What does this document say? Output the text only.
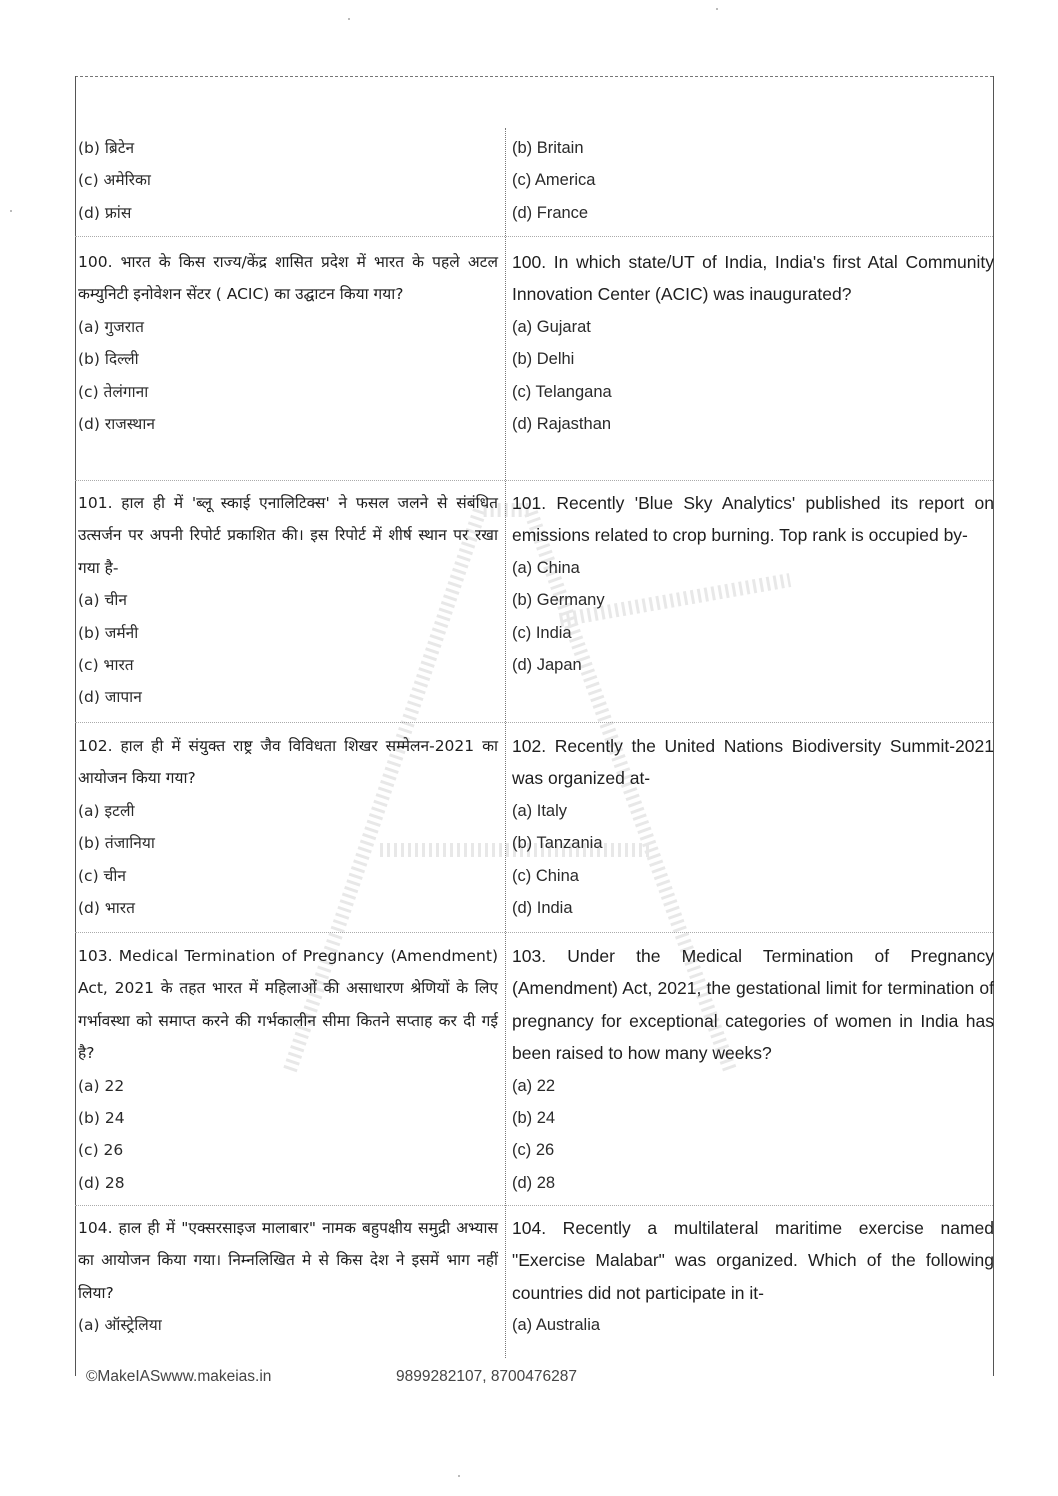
(b) ब्रिटेन

(c) अमेरिका

(d) फ्रांस

100. भारत के किस राज्य/केंद्र शासित प्रदेश में भारत के पहले अटल कम्युनिटी इनोवेशन सेंटर ( ACIC) का उद्घाटन किया गया?

(a) गुजरात

(b) दिल्ली

(c) तेलंगाना

(d) राजस्थान

101. हाल ही में 'ब्लू स्काई एनालिटिक्स' ने फसल जलने से संबंधित उत्सर्जन पर अपनी रिपोर्ट प्रकाशित की। इस रिपोर्ट में शीर्ष स्थान पर रखा गया है-

(a) चीन

(b) जर्मनी

(c) भारत

(d) जापान

102. हाल ही में संयुक्त राष्ट्र जैव विविधता शिखर सम्मेलन-2021 का आयोजन किया गया?

(a) इटली

(b) तंजानिया

(c) चीन

(d) भारत

103. Medical Termination of Pregnancy (Amendment) Act, 2021 के तहत भारत में महिलाओं की असाधारण श्रेणियों के लिए गर्भावस्था को समाप्त करने की गर्भकालीन सीमा कितने सप्ताह कर दी गई है?

(a) 22

(b) 24

(c) 26

(d) 28

104. हाल ही में "एक्सरसाइज मालाबार" नामक बहुपक्षीय समुद्री अभ्यास का आयोजन किया गया। निम्नलिखित मे से किस देश ने इसमें भाग नहीं लिया?

(a) ऑस्ट्रेलिया

(b) Britain

(c) America

(d) France

100. In which state/UT of India, India's first Atal Community Innovation Center (ACIC) was inaugurated?

(a) Gujarat

(b) Delhi

(c) Telangana

(d) Rajasthan

101. Recently 'Blue Sky Analytics' published its report on emissions related to crop burning. Top rank is occupied by-

(a) China

(b) Germany

(c) India

(d) Japan

102. Recently the United Nations Biodiversity Summit-2021 was organized at-

(a) Italy

(b) Tanzania

(c) China

(d) India

103. Under the Medical Termination of Pregnancy (Amendment) Act, 2021, the gestational limit for termination of pregnancy for exceptional categories of women in India has been raised to how many weeks?

(a) 22

(b) 24

(c) 26

(d) 28

104. Recently a multilateral maritime exercise named "Exercise Malabar" was organized. Which of the following countries did not participate in it-

(a) Australia

©MakeIASwww.makeias.in	9899282107, 8700476287
